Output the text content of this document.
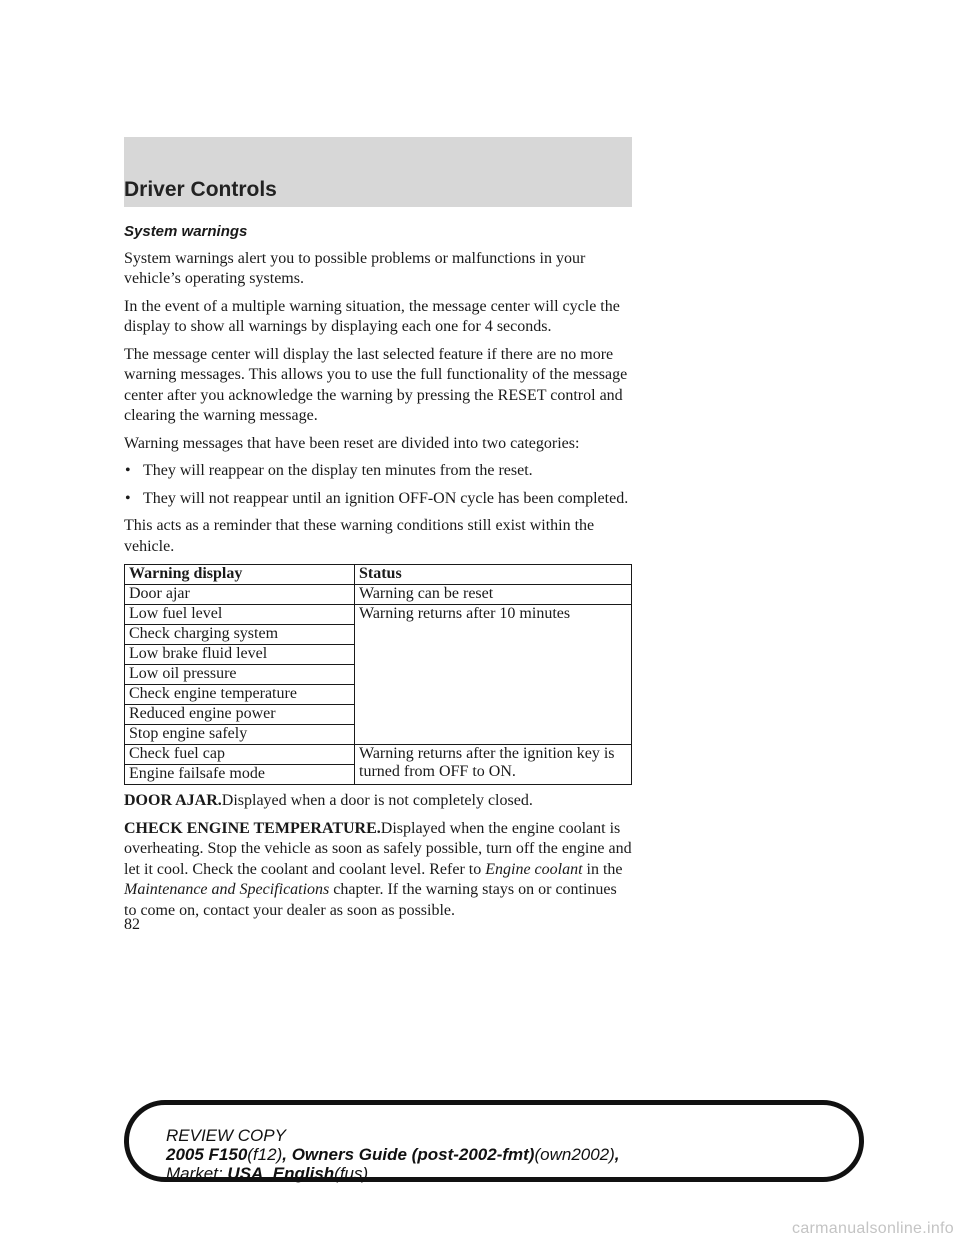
Driver Controls
System warnings

System warnings alert you to possible problems or malfunctions in your vehicle’s operating systems.

In the event of a multiple warning situation, the message center will cycle the display to show all warnings by displaying each one for 4 seconds.

The message center will display the last selected feature if there are no more warning messages. This allows you to use the full functionality of the message center after you acknowledge the warning by pressing the RESET control and clearing the warning message.

Warning messages that have been reset are divided into two categories:

• They will reappear on the display ten minutes from the reset.
• They will not reappear until an ignition OFF-ON cycle has been completed.

This acts as a reminder that these warning conditions still exist within the vehicle.

Warning display	Status
Door ajar	Warning can be reset
Low fuel level	Warning returns after 10 minutes
Check charging system	
Low brake fluid level	
Low oil pressure	
Check engine temperature	
Reduced engine power	
Stop engine safely	
Check fuel cap	Warning returns after the ignition key is turned from OFF to ON.
Engine failsafe mode	

DOOR AJAR.Displayed when a door is not completely closed.

CHECK ENGINE TEMPERATURE.Displayed when the engine coolant is overheating. Stop the vehicle as soon as safely possible, turn off the engine and let it cool. Check the coolant and coolant level. Refer to Engine coolant in the Maintenance and Specifications chapter. If the warning stays on or continues to come on, contact your dealer as soon as possible.

82
REVIEW COPY
2005 F150(f12), Owners Guide (post-2002-fmt)(own2002),
Market: USA_English(fus)
carmanualsonline.info
